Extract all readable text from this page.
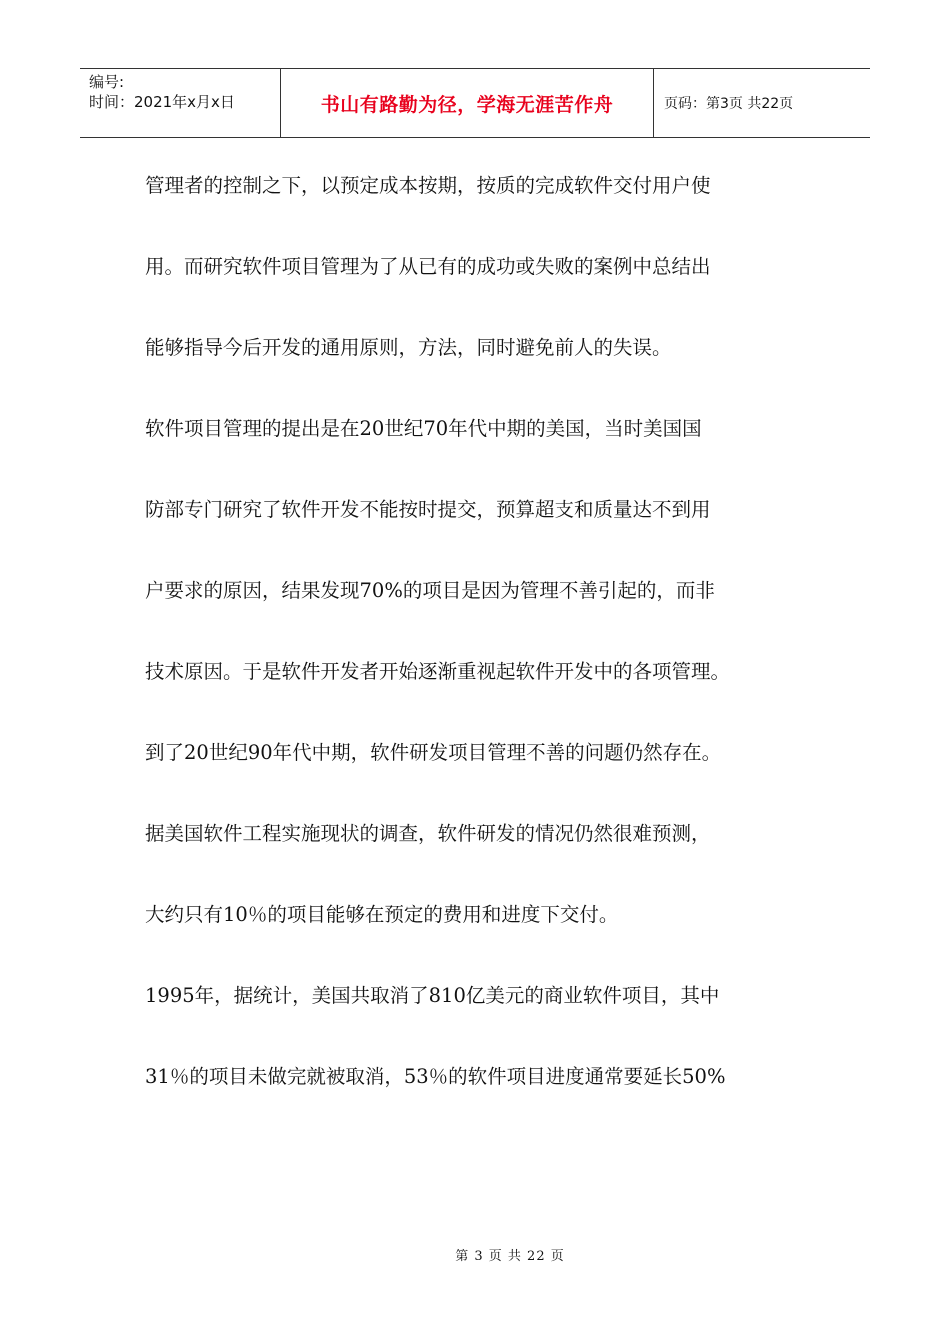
编号:
时间：2021年x月x日	书山有路勤为径，学海无涯苦作舟	页码：第3页 共22页

管理者的控制之下，以预定成本按期，按质的完成软件交付用户使

用。而研究软件项目管理为了从已有的成功或失败的案例中总结出

能够指导今后开发的通用原则，方法，同时避免前人的失误。

软件项目管理的提出是在20世纪70年代中期的美国，当时美国国

防部专门研究了软件开发不能按时提交，预算超支和质量达不到用

户要求的原因，结果发现70%的项目是因为管理不善引起的，而非

技术原因。于是软件开发者开始逐渐重视起软件开发中的各项管理。

到了20世纪90年代中期，软件研发项目管理不善的问题仍然存在。

据美国软件工程实施现状的调查，软件研发的情况仍然很难预测，

大约只有10％的项目能够在预定的费用和进度下交付。

1995年，据统计，美国共取消了810亿美元的商业软件项目，其中

31％的项目未做完就被取消，53％的软件项目进度通常要延长50%

第 3 页 共 22 页
